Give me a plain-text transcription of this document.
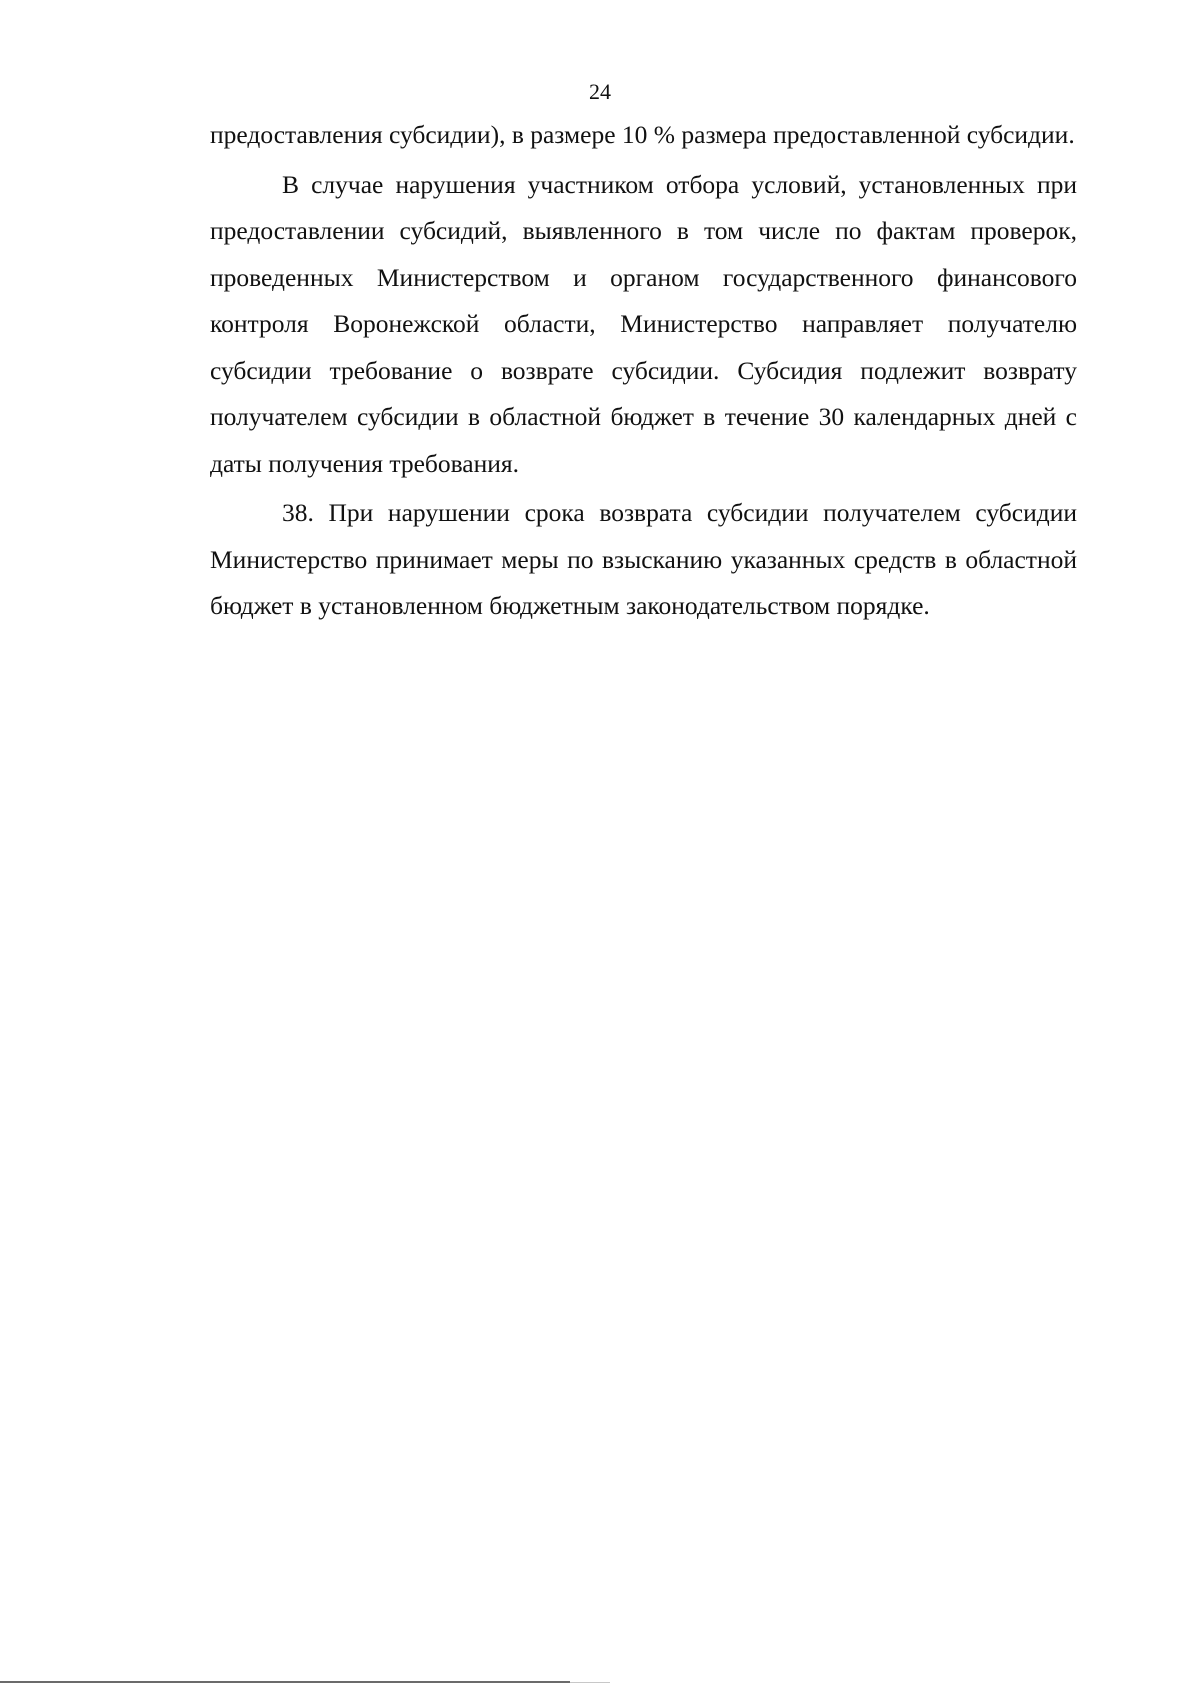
24

предоставления субсидии), в размере 10 % размера предоставленной субсидии.

В случае нарушения участником отбора условий, установленных при предоставлении субсидий, выявленного в том числе по фактам проверок, проведенных Министерством и органом государственного финансового контроля Воронежской области, Министерство направляет получателю субсидии требование о возврате субсидии. Субсидия подлежит возврату получателем субсидии в областной бюджет в течение 30 календарных дней с даты получения требования.

38. При нарушении срока возврата субсидии получателем субсидии Министерство принимает меры по взысканию указанных средств в областной бюджет в установленном бюджетным законодательством порядке.
